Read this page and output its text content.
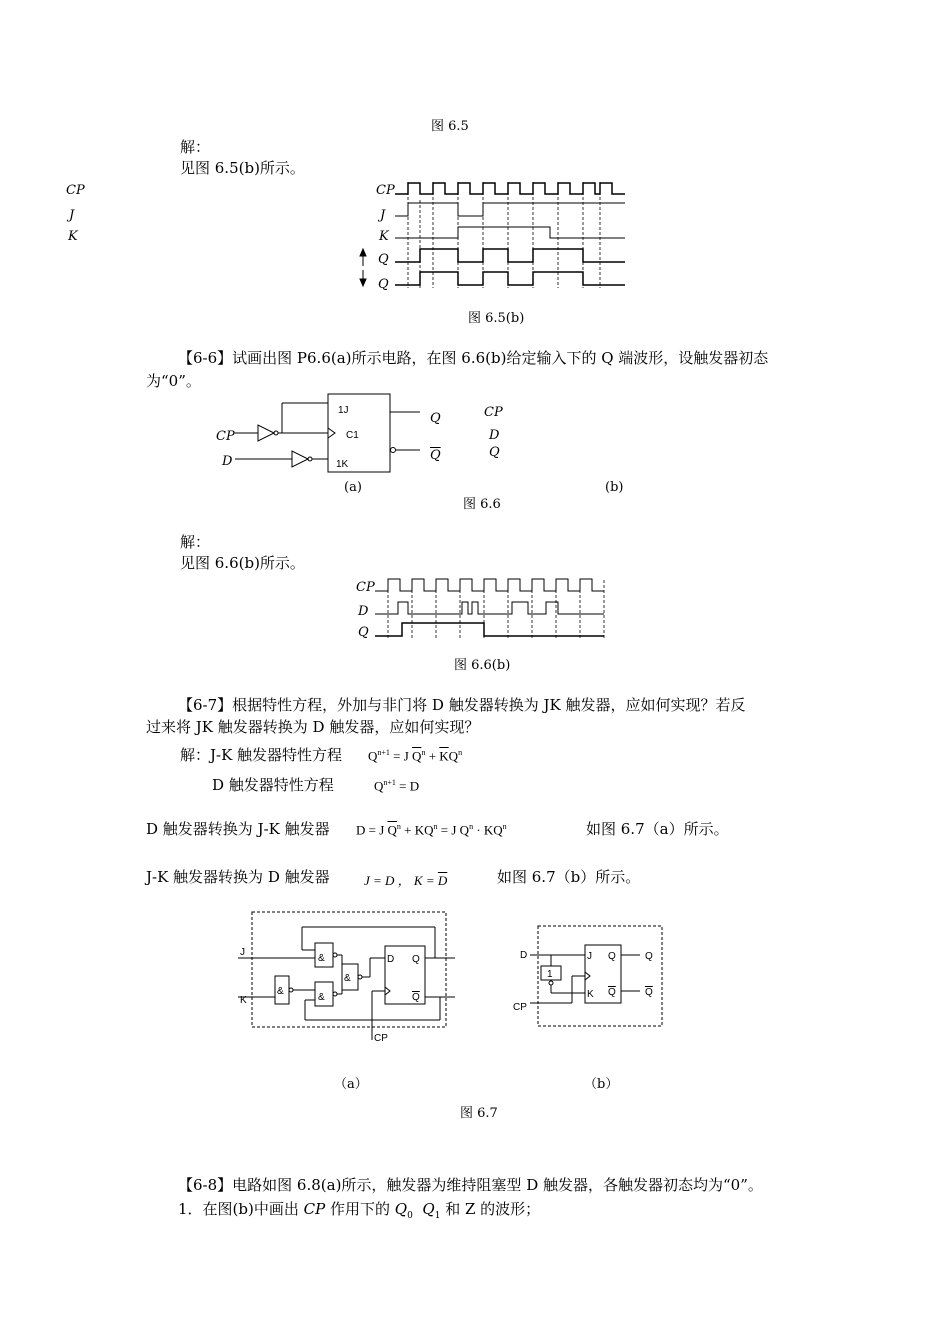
图 6.5
解：
见图 6.5(b)所示。
CP
J
K
CP
J
K
Q
Q
图 6.5(b)
【6-6】试画出图 P6.6(a)所示电路，在图 6.6(b)给定输入下的 Q 端波形，设触发器初态
为“0”。
1J
C1
1K
CP
D
Q
$\overline{Q}$
CP
D
Q
(a)	(b)
图 6.6
解：
见图 6.6(b)所示。
CP
D
Q
图 6.6(b)
【6-7】根据特性方程，外加与非门将 D 触发器转换为 JK 触发器，应如何实现？若反
过来将 JK 触发器转换为 D 触发器，应如何实现？
解：J-K 触发器特性方程 $Q^{n+1} = J$ $\overline{Q}^n + \overline{K}Q^n$
D 触发器特性方程	$Q^{n+1} = D$
D 触发器转换为 J-K 触发器 D = J $\overline{Q}^n + KQ^n = J$ $Q^n \cdot KQ^n$	如图 6.7（a）所示。
J-K 触发器转换为 D 触发器	J = D ， $K = \overline{D}$	如图 6.7（b）所示。
J
K
&
&
&
&
D Q
Q
CP
D
CP
1
J
K
Q
Q
Q
Q
（a）	（b）
图 6.7
【6-8】电路如图 6.8(a)所示，触发器为维持阻塞型 D 触发器，各触发器初态均为“0”。
1．在图(b)中画出 CP 作用下的 $Q_0$ $Q_1$ 和 Z 的波形；
